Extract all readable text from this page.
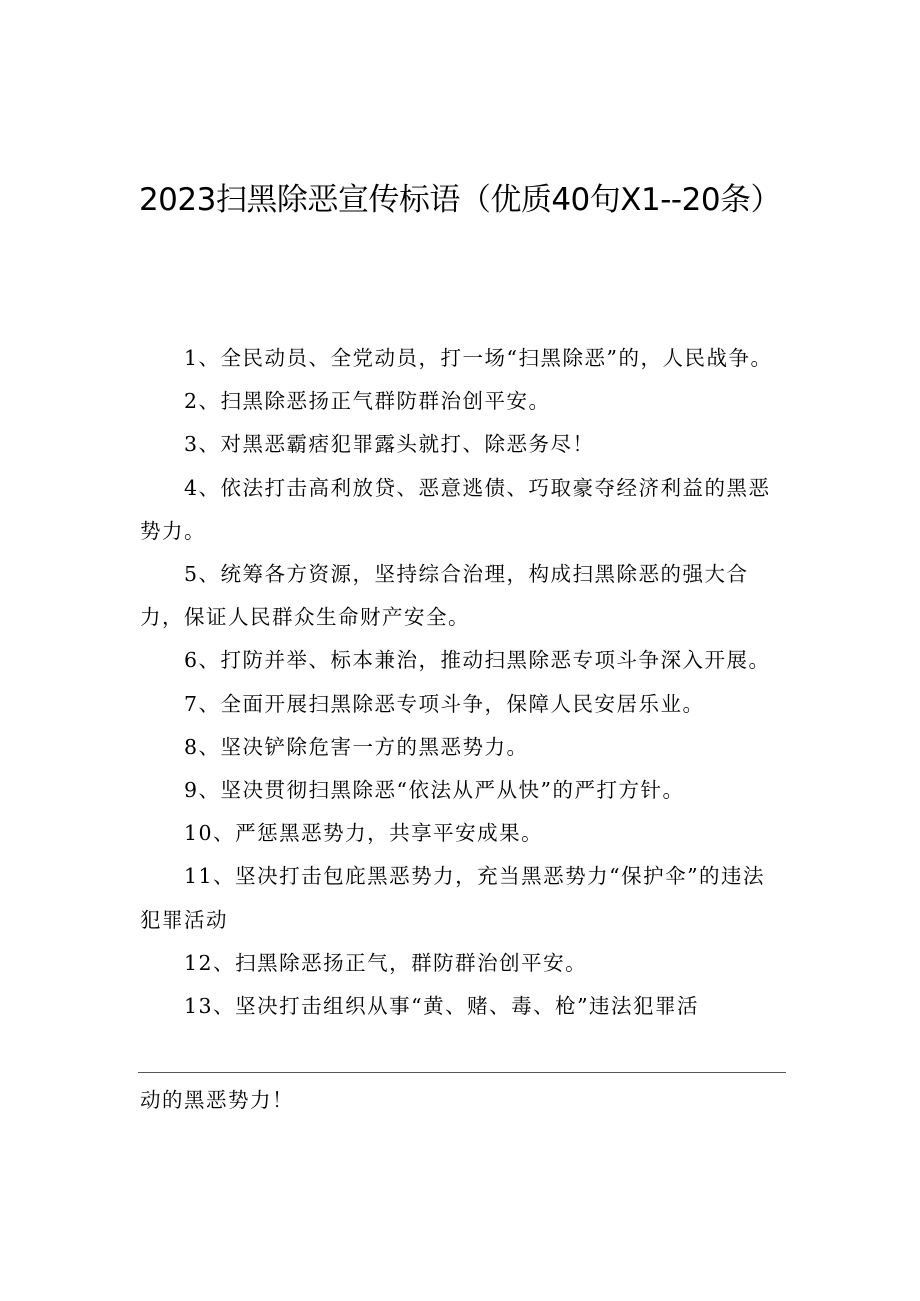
2023扫黑除恶宣传标语（优质40句X1--20条）

1、全民动员、全党动员，打一场“扫黑除恶”的，人民战争。

2、扫黑除恶扬正气群防群治创平安。

3、对黑恶霸痞犯罪露头就打、除恶务尽！

4、依法打击高利放贷、恶意逃债、巧取豪夺经济利益的黑恶势力。

5、统筹各方资源，坚持综合治理，构成扫黑除恶的强大合力，保证人民群众生命财产安全。

6、打防并举、标本兼治，推动扫黑除恶专项斗争深入开展。

7、全面开展扫黑除恶专项斗争，保障人民安居乐业。

8、坚决铲除危害一方的黑恶势力。

9、坚决贯彻扫黑除恶“依法从严从快”的严打方针。

10、严惩黑恶势力，共享平安成果。

11、坚决打击包庇黑恶势力，充当黑恶势力“保护伞”的违法犯罪活动

12、扫黑除恶扬正气，群防群治创平安。

13、坚决打击组织从事“黄、赌、毒、枪”违法犯罪活

动的黑恶势力！
